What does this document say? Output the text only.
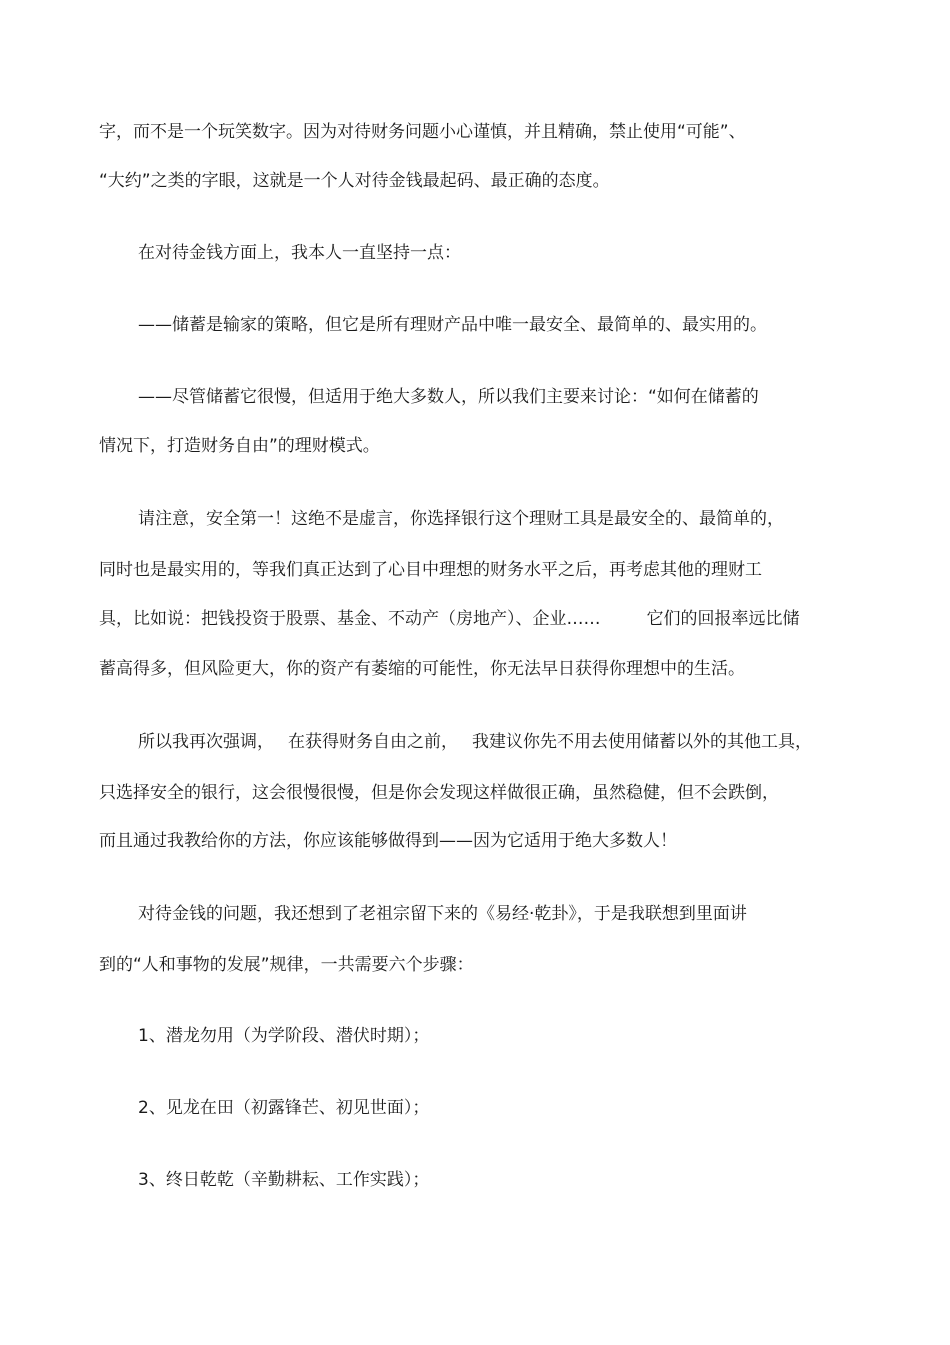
字，而不是一个玩笑数字。因为对待财务问题小心谨慎，并且精确，禁止使用“可能”、
“大约”之类的字眼，这就是一个人对待金钱最起码、最正确的态度。
在对待金钱方面上，我本人一直坚持一点：
——储蓄是输家的策略，但它是所有理财产品中唯一最安全、最简单的、最实用的。
——尽管储蓄它很慢，但适用于绝大多数人，所以我们主要来讨论：“如何在储蓄的
情况下，打造财务自由”的理财模式。
请注意，安全第一！这绝不是虚言，你选择银行这个理财工具是最安全的、最简单的，
同时也是最实用的，等我们真正达到了心目中理想的财务水平之后，再考虑其他的理财工
具，比如说：把钱投资于股票、基金、不动产（房地产）、企业……	它们的回报率远比储
蓄高得多，但风险更大，你的资产有萎缩的可能性，你无法早日获得你理想中的生活。
所以我再次强调， 在获得财务自由之前， 我建议你先不用去使用储蓄以外的其他工具，
只选择安全的银行，这会很慢很慢，但是你会发现这样做很正确，虽然稳健，但不会跌倒，
而且通过我教给你的方法，你应该能够做得到——因为它适用于绝大多数人！
对待金钱的问题，我还想到了老祖宗留下来的《易经·乾卦》，于是我联想到里面讲
到的“人和事物的发展”规律，一共需要六个步骤：
1、潜龙勿用（为学阶段、潜伏时期）；
2、见龙在田（初露锋芒、初见世面）；
3、终日乾乾（辛勤耕耘、工作实践）；
